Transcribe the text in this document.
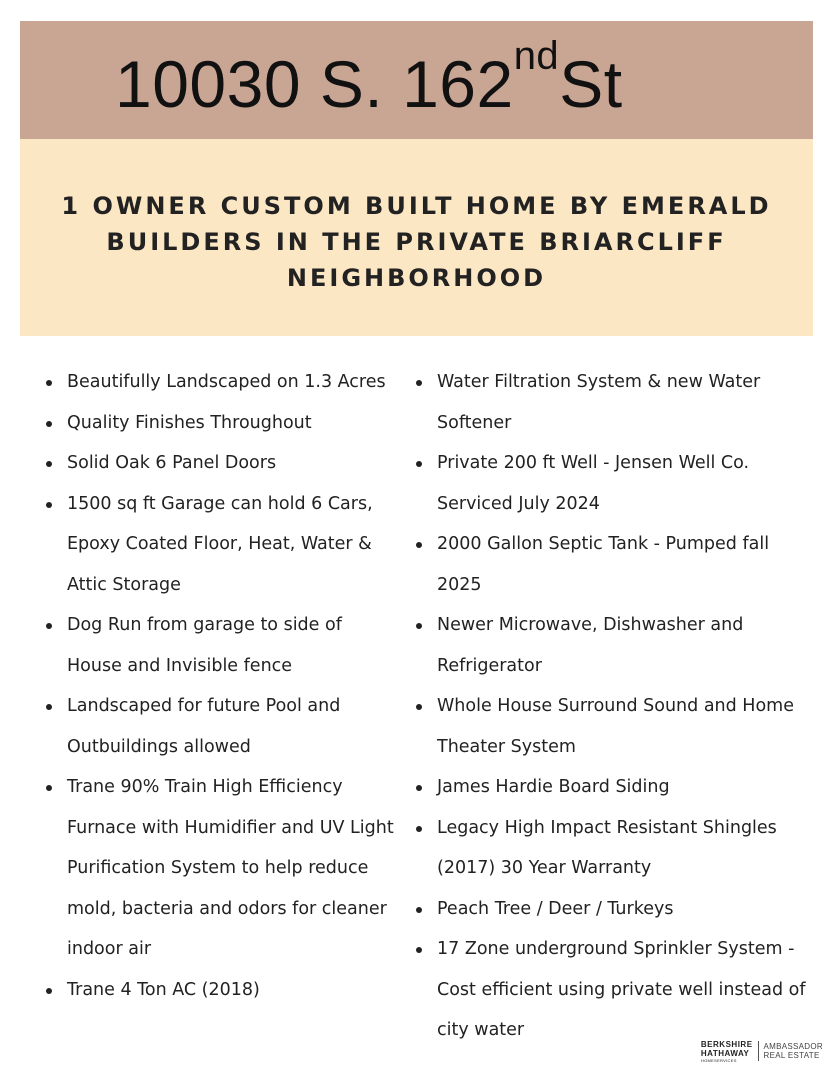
10030 S. 162ndSt
1 OWNER CUSTOM BUILT HOME BY EMERALD BUILDERS IN THE PRIVATE BRIARCLIFF NEIGHBORHOOD
Beautifully Landscaped on 1.3 Acres
Quality Finishes Throughout
Solid Oak 6 Panel Doors
1500 sq ft Garage can hold 6 Cars, Epoxy Coated Floor, Heat, Water & Attic Storage
Dog Run from garage to side of House and Invisible fence
Landscaped for future Pool and Outbuildings allowed
Trane 90% Train High Efficiency Furnace with Humidifier and UV Light Purification System to help reduce mold, bacteria and odors for cleaner indoor air
Trane 4 Ton AC (2018)
Water Filtration System & new Water Softener
Private 200 ft Well - Jensen Well Co. Serviced July 2024
2000 Gallon Septic Tank - Pumped fall 2025
Newer Microwave, Dishwasher and Refrigerator
Whole House Surround Sound and Home Theater System
James Hardie Board Siding
Legacy High Impact Resistant Shingles (2017) 30 Year Warranty
Peach Tree / Deer / Turkeys
17 Zone underground Sprinkler System - Cost efficient using private well instead of city water
BERKSHIRE
HATHAWAY
HOMESERVICES
AMBASSADOR
REAL ESTATE
